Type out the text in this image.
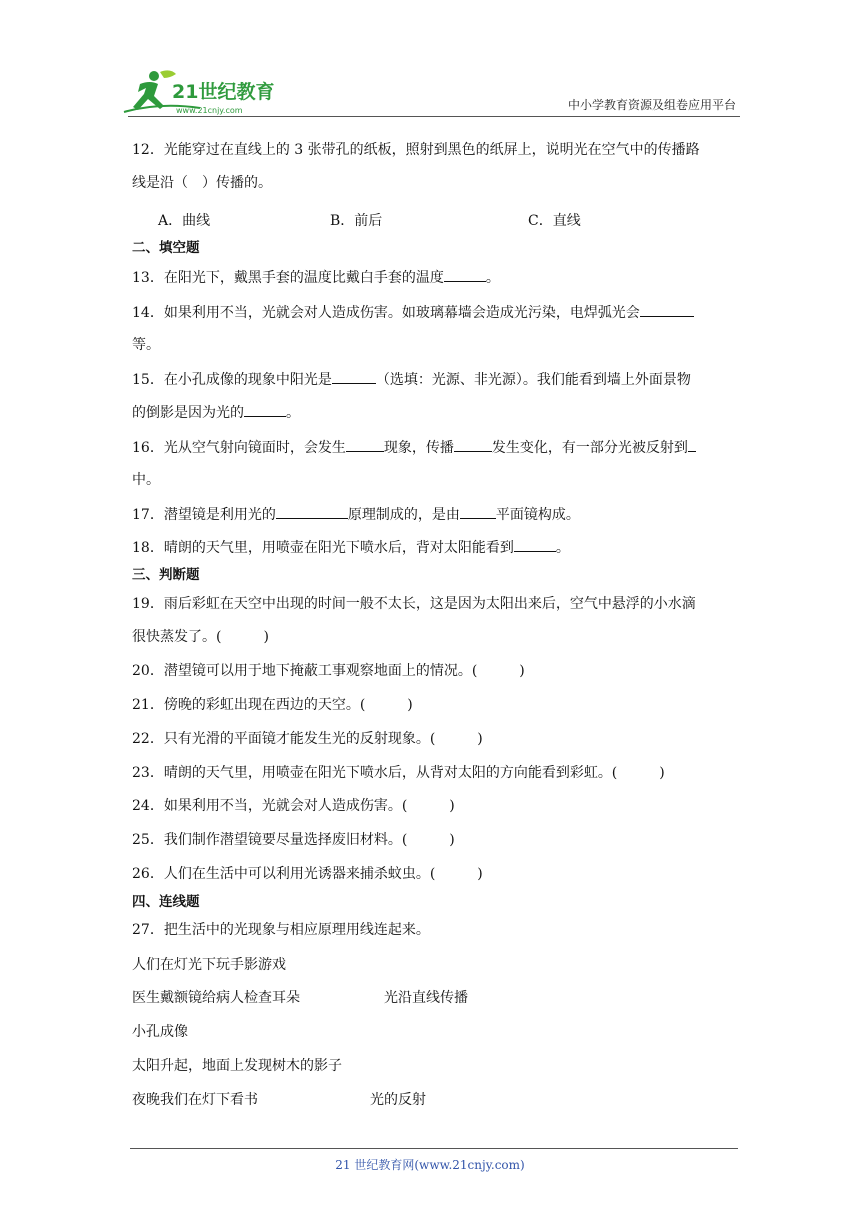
21世纪教育
www.21cnjy.com	中小学教育资源及组卷应用平台
12．光能穿过在直线上的 3 张带孔的纸板，照射到黑色的纸屏上，说明光在空气中的传播路
线是沿（　）传播的。
A．曲线	B．前后	C．直线
二、填空题
13．在阳光下，戴黑手套的温度比戴白手套的温度	。
14．如果利用不当，光就会对人造成伤害。如玻璃幕墙会造成光污染，电焊弧光会
等。
15．在小孔成像的现象中阳光是	（选填：光源、非光源）。我们能看到墙上外面景物
的倒影是因为光的	。
16．光从空气射向镜面时，会发生	现象，传播	发生变化，有一部分光被反射到
中。
17．潜望镜是利用光的	原理制成的，是由	平面镜构成。
18．晴朗的天气里，用喷壶在阳光下喷水后，背对太阳能看到	。
三、判断题
19．雨后彩虹在天空中出现的时间一般不太长，这是因为太阳出来后，空气中悬浮的小水滴
很快蒸发了。(　　　)
20．潜望镜可以用于地下掩蔽工事观察地面上的情况。(　　　)
21．傍晚的彩虹出现在西边的天空。(　　　)
22．只有光滑的平面镜才能发生光的反射现象。(　　　)
23．晴朗的天气里，用喷壶在阳光下喷水后，从背对太阳的方向能看到彩虹。(　　　)
24．如果利用不当，光就会对人造成伤害。(　　　)
25．我们制作潜望镜要尽量选择废旧材料。(　　　)
26．人们在生活中可以利用光诱器来捕杀蚊虫。(　　　)
四、连线题
27．把生活中的光现象与相应原理用线连起来。
人们在灯光下玩手影游戏
医生戴额镜给病人检查耳朵	光沿直线传播
小孔成像
太阳升起，地面上发现树木的影子
夜晚我们在灯下看书	光的反射
21 世纪教育网(www.21cnjy.com)
